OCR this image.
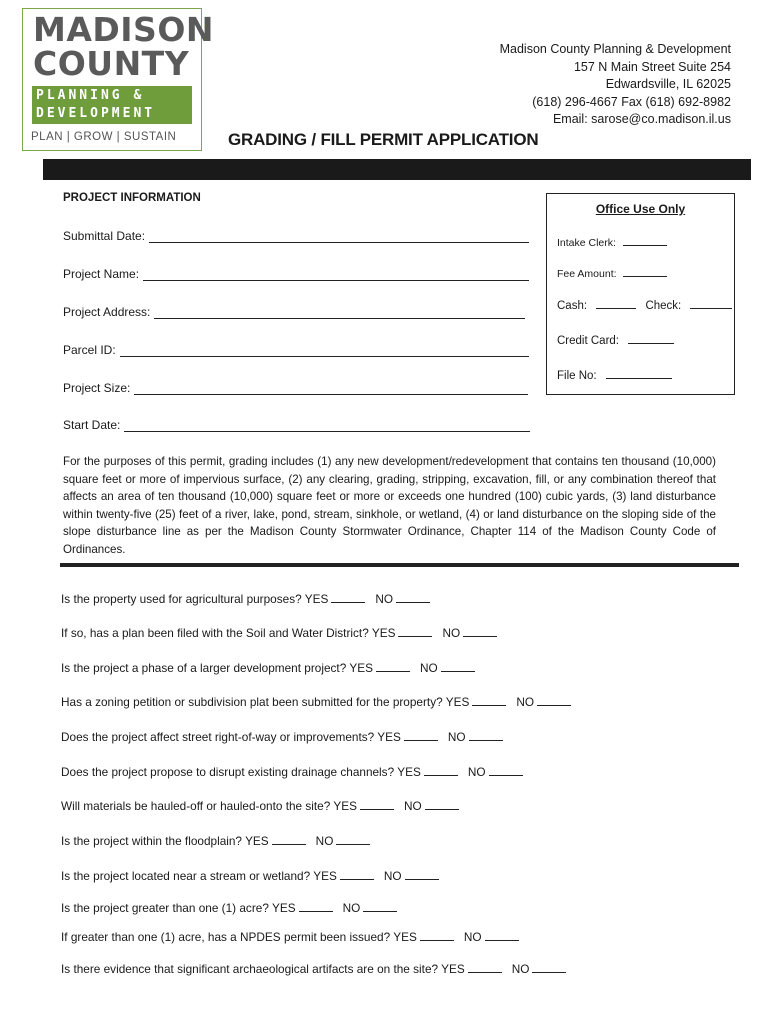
MADISON
COUNTY
PLANNING &
DEVELOPMENT
PLAN | GROW | SUSTAIN
Madison County Planning & Development
157 N Main Street Suite 254
Edwardsville, IL 62025
(618) 296-4667 Fax (618) 692-8982
Email: sarose@co.madison.il.us
GRADING / FILL PERMIT APPLICATION
PROJECT INFORMATION
Submittal Date:
Project Name:
Project Address:
Parcel ID:
Project Size:
Start Date:
Office Use Only
Intake Clerk:
Fee Amount:
Cash:	Check:
Credit Card:
File No:
For the purposes of this permit, grading includes (1) any new development/redevelopment that contains ten thousand (10,000) square feet or more of impervious surface, (2) any clearing, grading, stripping, excavation, fill, or any combination thereof that affects an area of ten thousand (10,000) square feet or more or exceeds one hundred (100) cubic yards, (3) land disturbance within twenty-five (25) feet of a river, lake, pond, stream, sinkhole, or wetland, (4) or land disturbance on the sloping side of the slope disturbance line as per the Madison County Stormwater Ordinance, Chapter 114 of the Madison County Code of Ordinances.
Is the property used for agricultural purposes? YES	NO
If so, has a plan been filed with the Soil and Water District? YES	NO
Is the project a phase of a larger development project? YES	NO
Has a zoning petition or subdivision plat been submitted for the property? YES	NO
Does the project affect street right-of-way or improvements? YES	NO
Does the project propose to disrupt existing drainage channels? YES	NO
Will materials be hauled-off or hauled-onto the site? YES	NO
Is the project within the floodplain? YES	NO
Is the project located near a stream or wetland? YES	NO
Is the project greater than one (1) acre? YES	NO
If greater than one (1) acre, has a NPDES permit been issued? YES	NO
Is there evidence that significant archaeological artifacts are on the site? YES	NO
